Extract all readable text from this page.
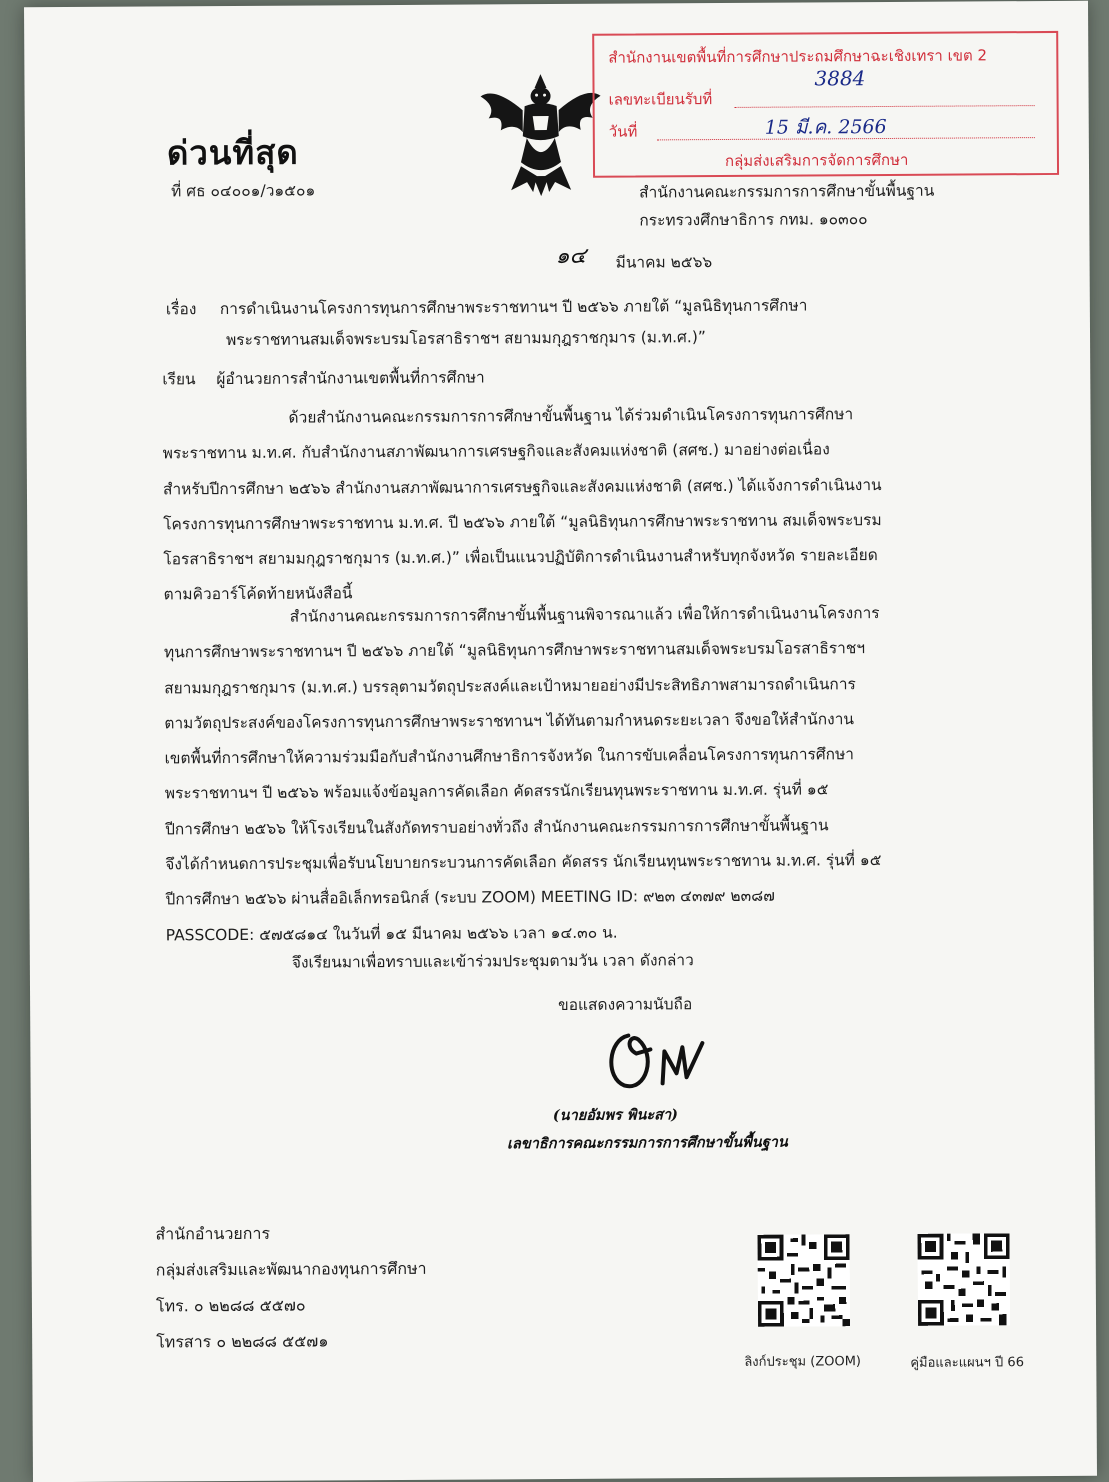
ด่วนที่สุด
ที่ ศธ ๐๔๐๐๑/ว๑๕๐๑
สำนักงานเขตพื้นที่การศึกษาประถมศึกษาฉะเชิงเทรา เขต 2
เลขทะเบียนรับที่
3884
วันที่	15 มี.ค. 2566
กลุ่มส่งเสริมการจัดการศึกษา
สำนักงานคณะกรรมการการศึกษาขั้นพื้นฐาน
กระทรวงศึกษาธิการ กทม. ๑๐๓๐๐
๑๔ มีนาคม ๒๕๖๖
เรื่อง การดำเนินงานโครงการทุนการศึกษาพระราชทานฯ ปี ๒๕๖๖ ภายใต้ “มูลนิธิทุนการศึกษา
พระราชทานสมเด็จพระบรมโอรสาธิราชฯ สยามมกุฎราชกุมาร (ม.ท.ศ.)”
เรียน ผู้อำนวยการสำนักงานเขตพื้นที่การศึกษา
ด้วยสำนักงานคณะกรรมการการศึกษาขั้นพื้นฐาน ได้ร่วมดำเนินโครงการทุนการศึกษา
พระราชทาน ม.ท.ศ. กับสำนักงานสภาพัฒนาการเศรษฐกิจและสังคมแห่งชาติ (สศช.) มาอย่างต่อเนื่อง
สำหรับปีการศึกษา ๒๕๖๖ สำนักงานสภาพัฒนาการเศรษฐกิจและสังคมแห่งชาติ (สศช.) ได้แจ้งการดำเนินงาน
โครงการทุนการศึกษาพระราชทาน ม.ท.ศ. ปี ๒๕๖๖ ภายใต้ “มูลนิธิทุนการศึกษาพระราชทาน สมเด็จพระบรม
โอรสาธิราชฯ สยามมกุฎราชกุมาร (ม.ท.ศ.)” เพื่อเป็นแนวปฏิบัติการดำเนินงานสำหรับทุกจังหวัด รายละเอียด
ตามคิวอาร์โค้ดท้ายหนังสือนี้
สำนักงานคณะกรรมการการศึกษาขั้นพื้นฐานพิจารณาแล้ว เพื่อให้การดำเนินงานโครงการ
ทุนการศึกษาพระราชทานฯ ปี ๒๕๖๖ ภายใต้ “มูลนิธิทุนการศึกษาพระราชทานสมเด็จพระบรมโอรสาธิราชฯ
สยามมกุฎราชกุมาร (ม.ท.ศ.) บรรลุตามวัตถุประสงค์และเป้าหมายอย่างมีประสิทธิภาพสามารถดำเนินการ
ตามวัตถุประสงค์ของโครงการทุนการศึกษาพระราชทานฯ ได้ทันตามกำหนดระยะเวลา จึงขอให้สำนักงาน
เขตพื้นที่การศึกษาให้ความร่วมมือกับสำนักงานศึกษาธิการจังหวัด ในการขับเคลื่อนโครงการทุนการศึกษา
พระราชทานฯ ปี ๒๕๖๖ พร้อมแจ้งข้อมูลการคัดเลือก คัดสรรนักเรียนทุนพระราชทาน ม.ท.ศ. รุ่นที่ ๑๕
ปีการศึกษา ๒๕๖๖ ให้โรงเรียนในสังกัดทราบอย่างทั่วถึง สำนักงานคณะกรรมการการศึกษาขั้นพื้นฐาน
จึงได้กำหนดการประชุมเพื่อรับนโยบายกระบวนการคัดเลือก คัดสรร นักเรียนทุนพระราชทาน ม.ท.ศ. รุ่นที่ ๑๕
ปีการศึกษา ๒๕๖๖ ผ่านสื่ออิเล็กทรอนิกส์ (ระบบ ZOOM) MEETING ID: ๙๒๓ ๔๓๗๙ ๒๓๘๗
PASSCODE: ๕๗๕๘๑๔ ในวันที่ ๑๕ มีนาคม ๒๕๖๖ เวลา ๑๔.๓๐ น.
จึงเรียนมาเพื่อทราบและเข้าร่วมประชุมตามวัน เวลา ดังกล่าว
ขอแสดงความนับถือ
(นายอัมพร พินะสา)
เลขาธิการคณะกรรมการการศึกษาขั้นพื้นฐาน
สำนักอำนวยการ
กลุ่มส่งเสริมและพัฒนากองทุนการศึกษา
โทร. ๐ ๒๒๘๘ ๕๕๗๐
โทรสาร ๐ ๒๒๘๘ ๕๕๗๑
ลิงก์ประชุม (ZOOM)	คู่มือและแผนฯ ปี 66
